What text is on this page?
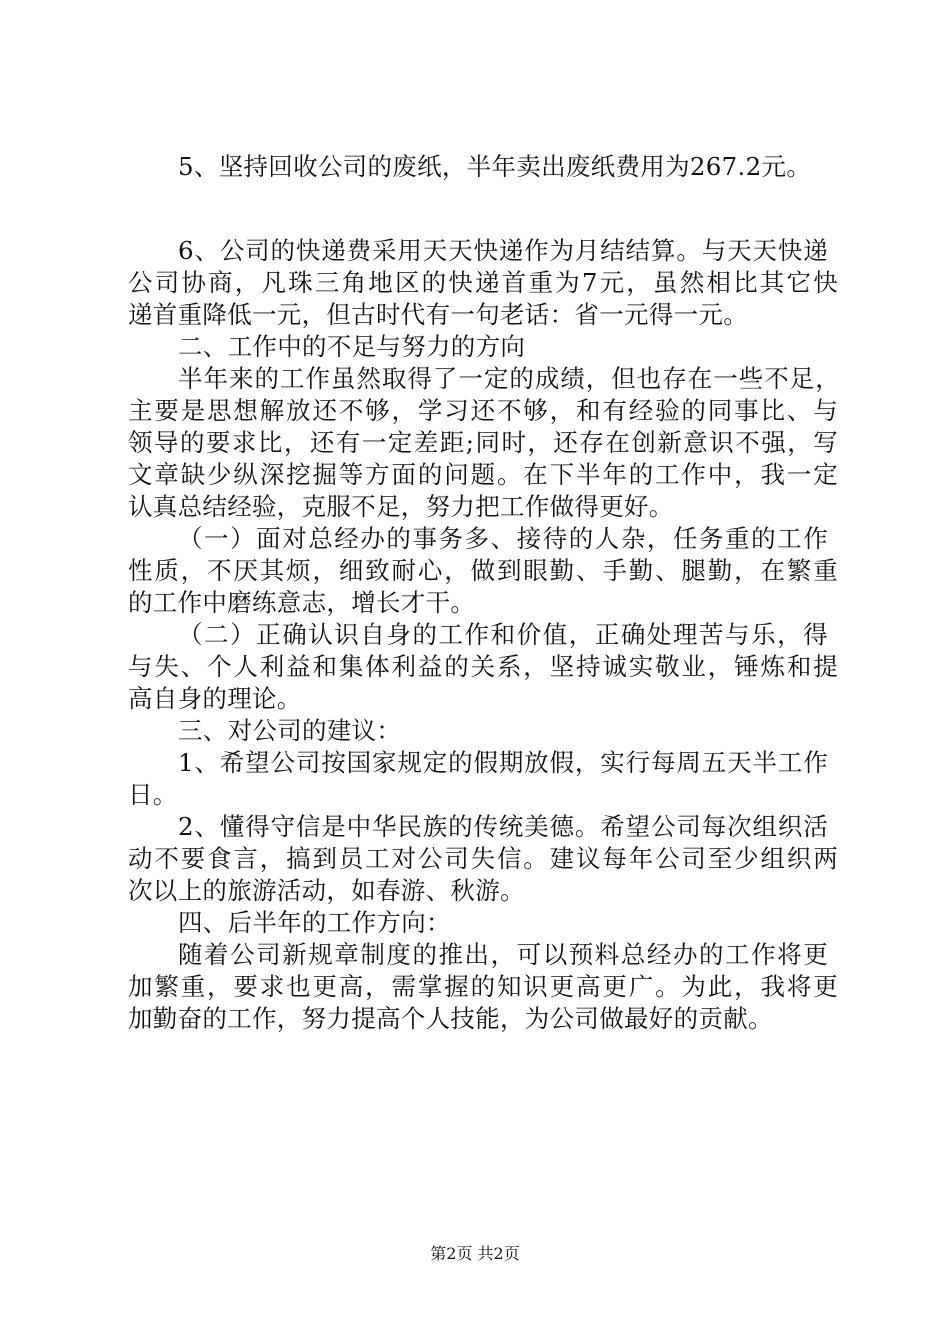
5、坚持回收公司的废纸，半年卖出废纸费用为267.2元。
6、公司的快递费采用天天快递作为月结结算。与天天快递
公司协商，凡珠三角地区的快递首重为7元，虽然相比其它快
递首重降低一元，但古时代有一句老话：省一元得一元。
二、工作中的不足与努力的方向
半年来的工作虽然取得了一定的成绩，但也存在一些不足，
主要是思想解放还不够，学习还不够，和有经验的同事比、与
领导的要求比，还有一定差距;同时，还存在创新意识不强，写
文章缺少纵深挖掘等方面的问题。在下半年的工作中，我一定
认真总结经验，克服不足，努力把工作做得更好。
（一）面对总经办的事务多、接待的人杂，任务重的工作
性质，不厌其烦，细致耐心，做到眼勤、手勤、腿勤，在繁重
的工作中磨练意志，增长才干。
（二）正确认识自身的工作和价值，正确处理苦与乐，得
与失、个人利益和集体利益的关系，坚持诚实敬业，锤炼和提
高自身的理论。
三、对公司的建议：
1、希望公司按国家规定的假期放假，实行每周五天半工作
日。
2、懂得守信是中华民族的传统美德。希望公司每次组织活
动不要食言，搞到员工对公司失信。建议每年公司至少组织两
次以上的旅游活动，如春游、秋游。
四、后半年的工作方向：
随着公司新规章制度的推出，可以预料总经办的工作将更
加繁重，要求也更高，需掌握的知识更高更广。为此，我将更
加勤奋的工作，努力提高个人技能，为公司做最好的贡献。
第2页 共2页
